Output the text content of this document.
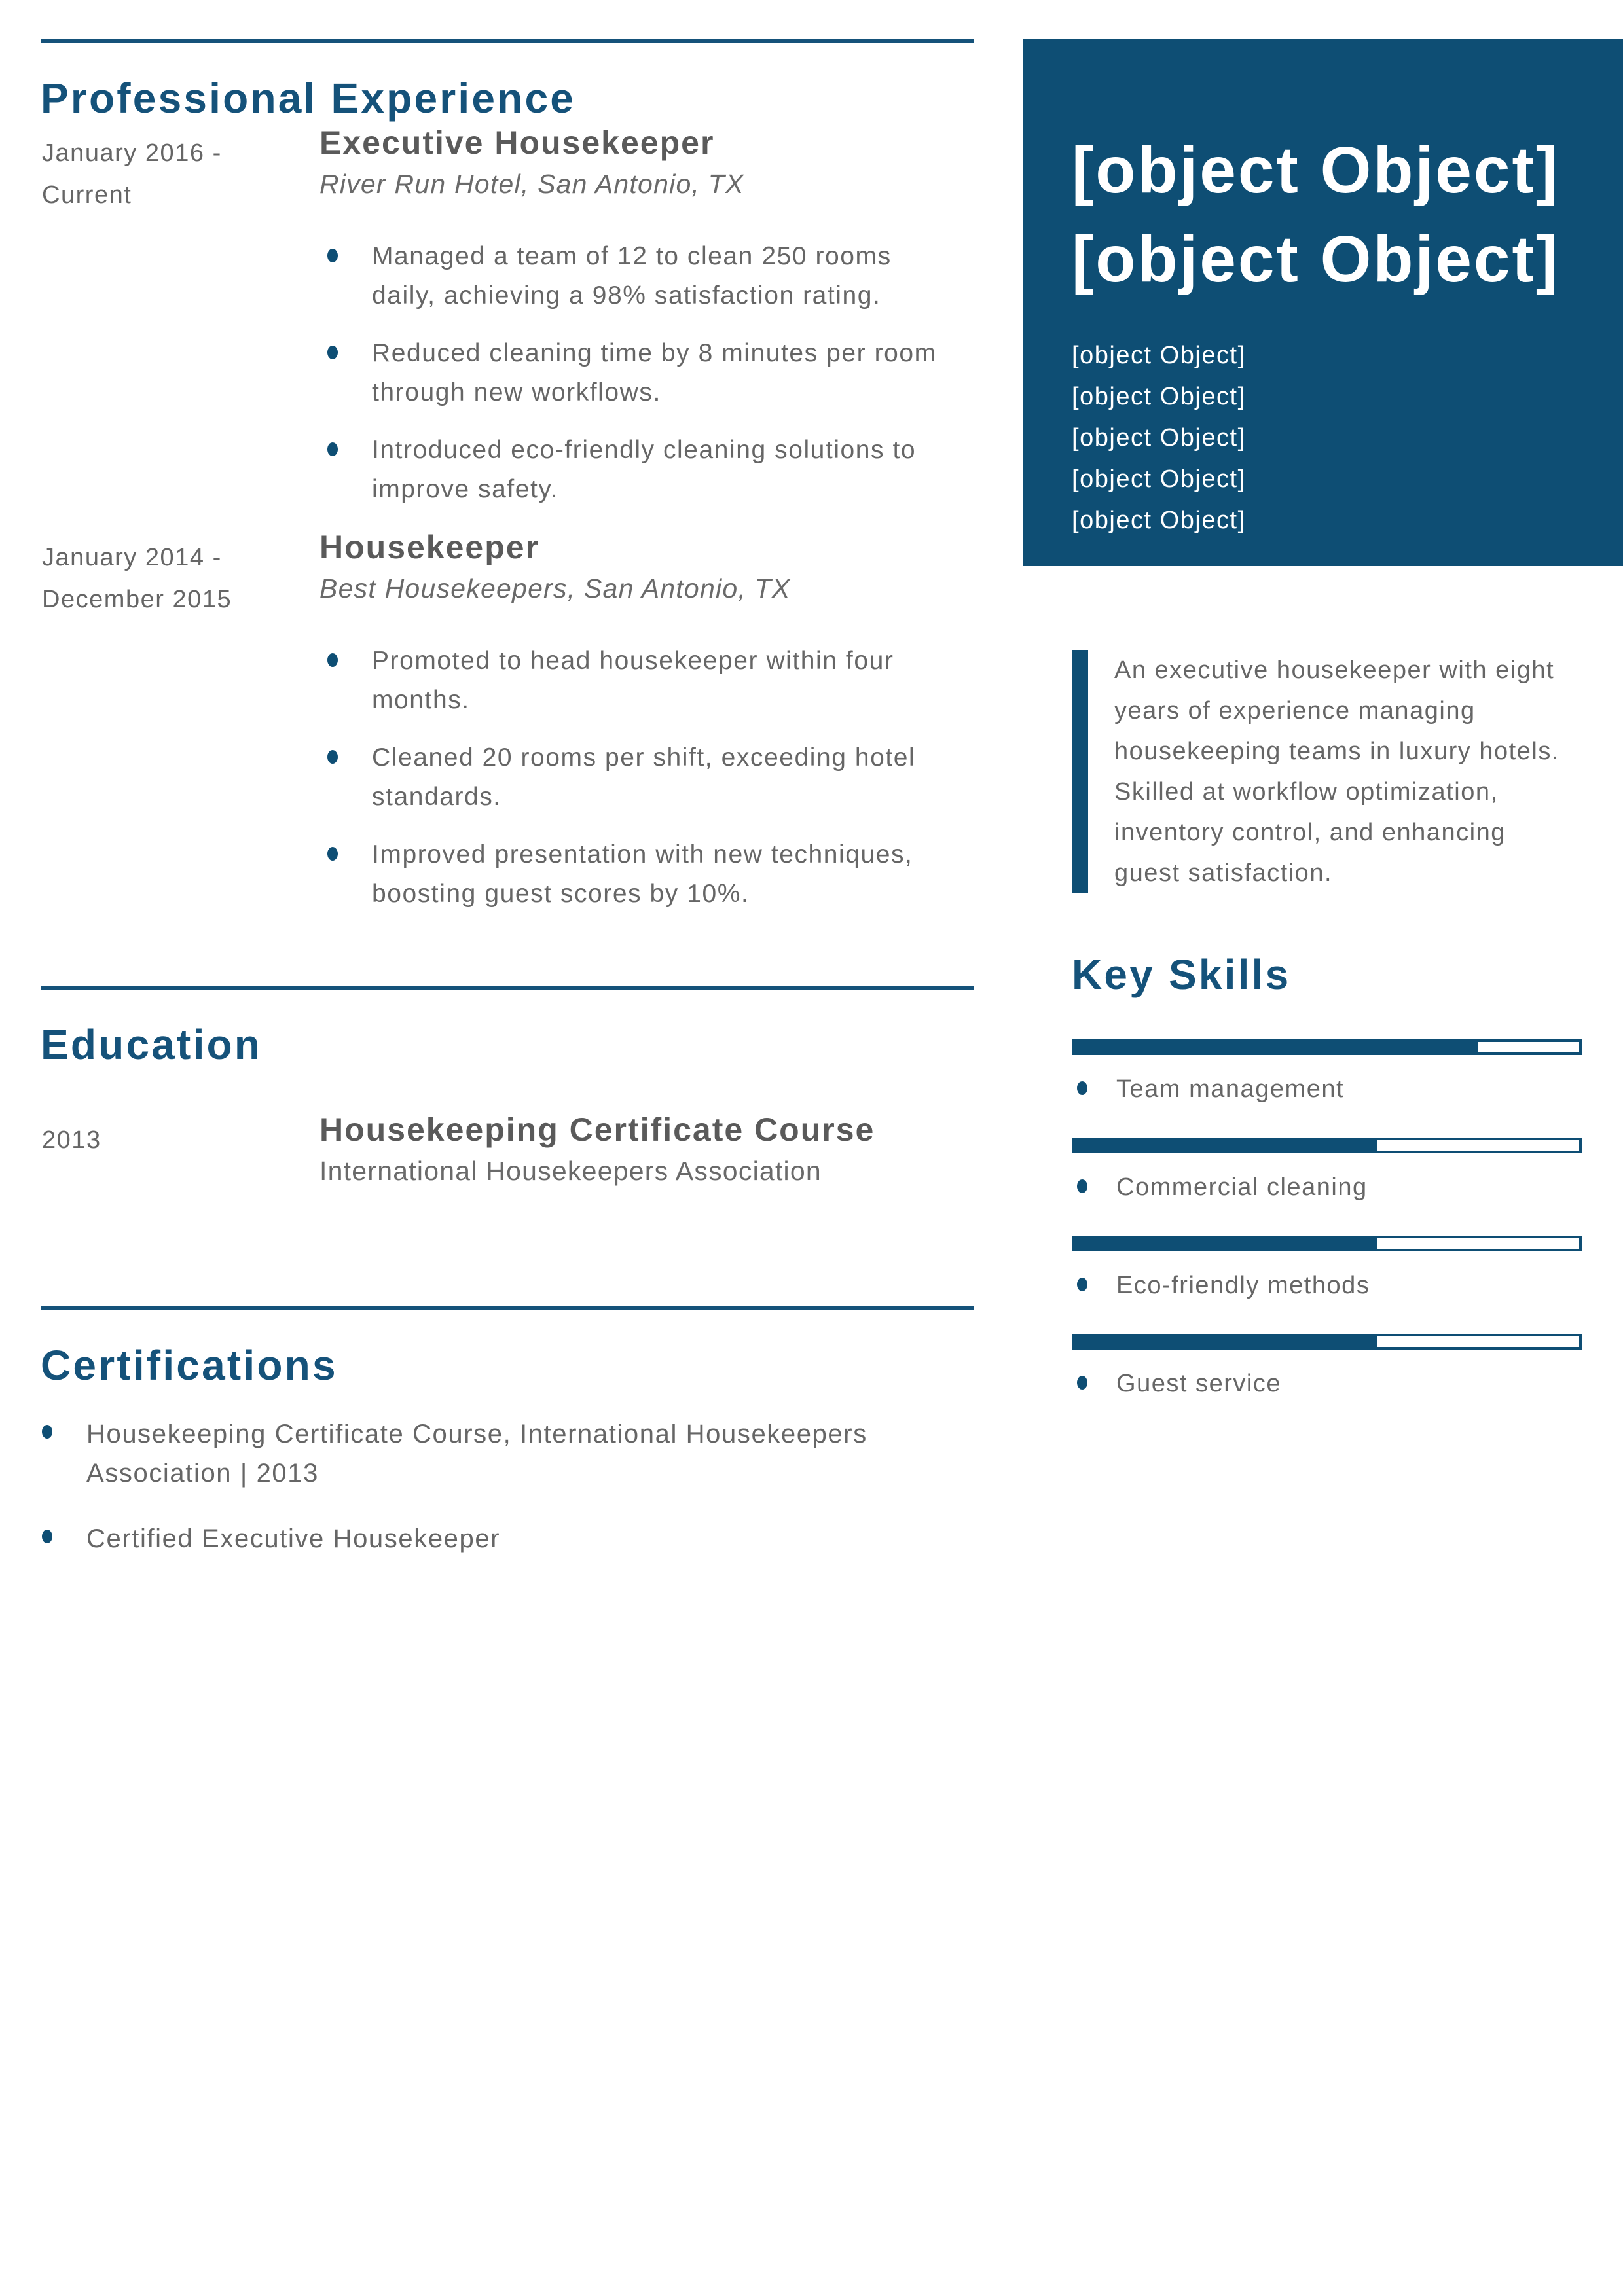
Professional Experience
January 2016 - Current
Executive Housekeeper
River Run Hotel, San Antonio, TX
Managed a team of 12 to clean 250 rooms daily, achieving a 98% satisfaction rating.
Reduced cleaning time by 8 minutes per room through new workflows.
Introduced eco-friendly cleaning solutions to improve safety.
January 2014 - December 2015
Housekeeper
Best Housekeepers, San Antonio, TX
Promoted to head housekeeper within four months.
Cleaned 20 rooms per shift, exceeding hotel standards.
Improved presentation with new techniques, boosting guest scores by 10%.
Education
2013	Housekeeping Certificate Course
International Housekeepers Association
Certifications
Housekeeping Certificate Course, International Housekeepers Association | 2013
Certified Executive Housekeeper
[object Object]
[object Object]
[object Object]
[object Object]
[object Object]
[object Object]
[object Object]

An executive housekeeper with eight years of experience managing housekeeping teams in luxury hotels. Skilled at workflow optimization, inventory control, and enhancing guest satisfaction.

Key Skills
Team management
Commercial cleaning
Eco-friendly methods
Guest service
